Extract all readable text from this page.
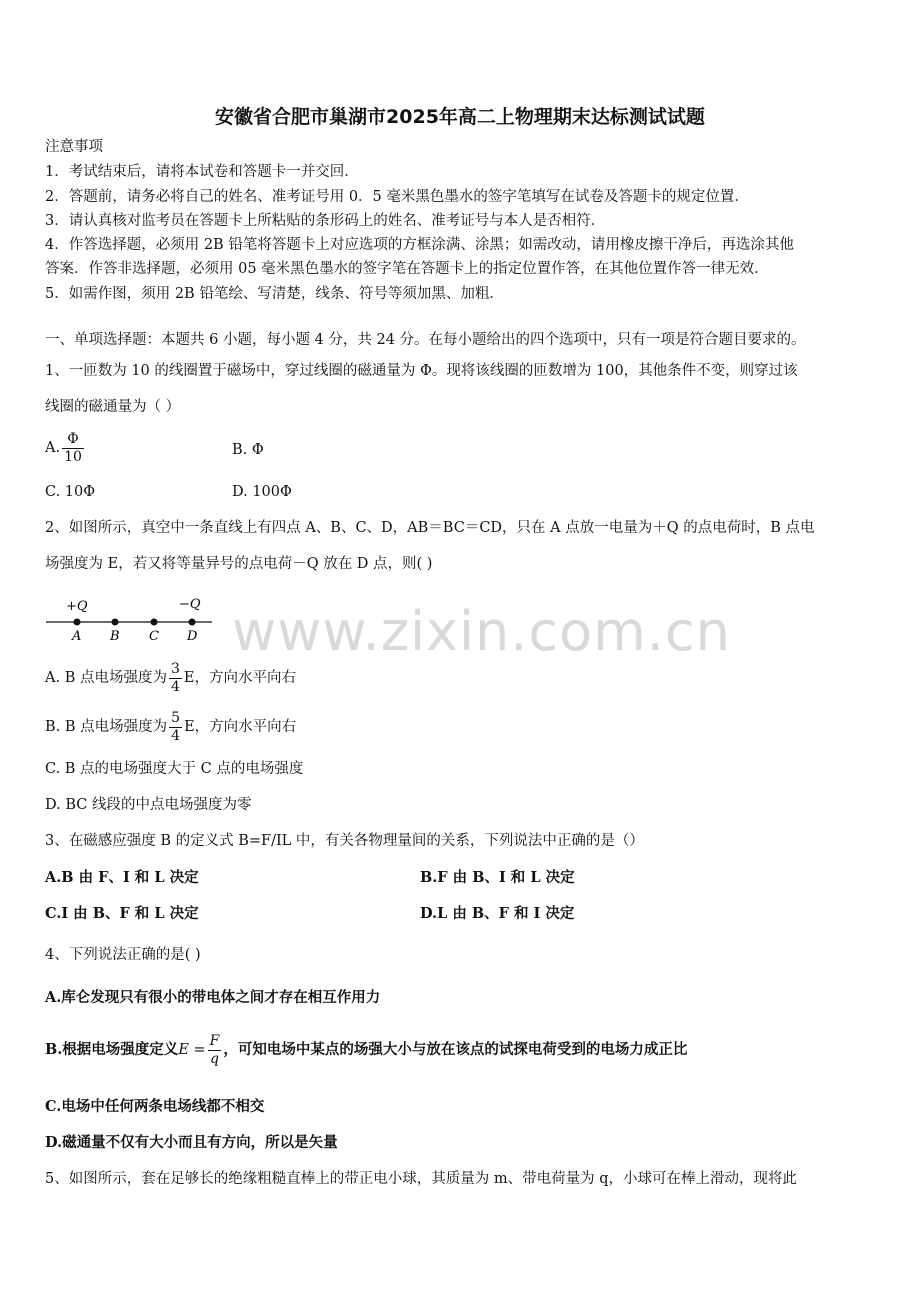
www.zixin.com.cn
安徽省合肥市巢湖市2025年高二上物理期末达标测试试题
注意事项
1．考试结束后，请将本试卷和答题卡一并交回．
2．答题前，请务必将自己的姓名、准考证号用 0．5 毫米黑色墨水的签字笔填写在试卷及答题卡的规定位置．
3．请认真核对监考员在答题卡上所粘贴的条形码上的姓名、准考证号与本人是否相符．
4．作答选择题，必须用 2B 铅笔将答题卡上对应选项的方框涂满、涂黑；如需改动，请用橡皮擦干净后，再选涂其他
答案．作答非选择题，必须用 05 毫米黑色墨水的签字笔在答题卡上的指定位置作答，在其他位置作答一律无效．
5．如需作图，须用 2B 铅笔绘、写清楚，线条、符号等须加黑、加粗．
一、单项选择题：本题共 6 小题，每小题 4 分，共 24 分。在每小题给出的四个选项中，只有一项是符合题目要求的。
1、一匝数为 10 的线圈置于磁场中，穿过线圈的磁通量为 Φ。现将该线圈的匝数增为 100，其他条件不变，则穿过该
线圈的磁通量为（ ）
A. $\frac{\Phi}{10}$	B. Φ
C. 10Φ	D. 100Φ
2、如图所示，真空中一条直线上有四点 A、B、C、D，AB＝BC＝CD，只在 A 点放一电量为＋Q 的点电荷时，B 点电
场强度为 E，若又将等量异号的点电荷－Q 放在 D 点，则( )
+Q	−Q
A B C D
A. B 点电场强度为 $\frac{3}{4}$ E，方向水平向右
B. B 点电场强度为 $\frac{5}{4}$ E，方向水平向右
C. B 点的电场强度大于 C 点的电场强度
D. BC 线段的中点电场强度为零
3、在磁感应强度 B 的定义式 B=F/IL 中，有关各物理量间的关系，下列说法中正确的是（）
A.B 由 F、I 和 L 决定	B.F 由 B、I 和 L 决定
C.I 由 B、F 和 L 决定	D.L 由 B、F 和 I 决定
4、下列说法正确的是( )
A.库仑发现只有很小的带电体之间才存在相互作用力
B.根据电场强度定义$E = \frac{F}{q}$ ，可知电场中某点的场强大小与放在该点的试探电荷受到的电场力成正比
C.电场中任何两条电场线都不相交
D.磁通量不仅有大小而且有方向，所以是矢量
5、如图所示，套在足够长的绝缘粗糙直棒上的带正电小球，其质量为 m、带电荷量为 q，小球可在棒上滑动，现将此
